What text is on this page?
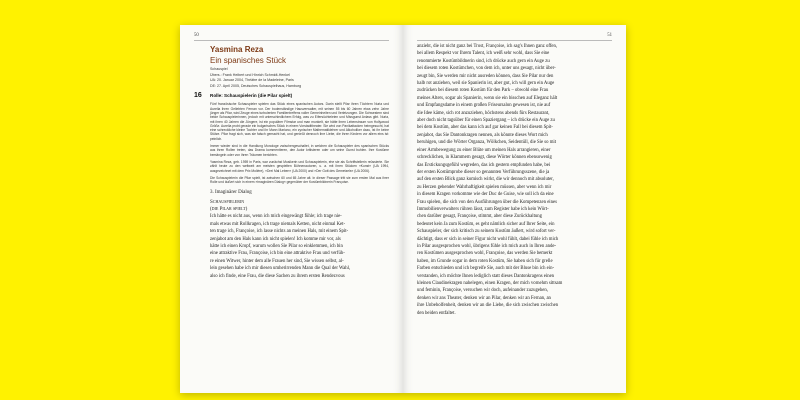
50
Yasmina Reza
Ein spanisches Stück
Schauspiel
Übers.: Frank Heibert und Hinrich Schmidt-Henkel
UA: 20. Januar 2004, Théâtre de la Madeleine, Paris
DE: 27. April 2005, Deutsches Schauspielhaus, Hamburg
16	Rolle: Schauspielerin (die Pilar spielt)

Fünf französische Schauspieler spielen das Stück eines spanischen Autors. Darin stellt Pilar ihren Töchtern Nuria und Aurelia ihren Geliebten Fernan vor. Der bodenständige Hausverwalter, mit seinen 55 bis 60 Jahren etwa zehn Jahre jünger als Pilar, wird Zeuge eines turbulenten Familientreffens voller Gemeinheiten und Verletzungen. Die Schwestern sind beide Schauspielerinnen, jedoch mit unterschiedlichem Erfolg, was zu Eifersüchteleien und Missgunst Anlass gibt. Nuria, mit ihren 40 Jahren die Jüngere, ist ein populärer Filmstar und man munkelt, sie hätte ihren Lebenstraum von Hollywood Größe. Aurelia probt gerade ein bulgarisches Stück in einem Vorstadttheater. Sie wird von Panikattacken heimgesucht, hat eine schreckliche kleine Tochter und ihr Mann Mariano, ein zynischer Mathematiklehrer und Alkoholiker dazu, ist ihr keine Stütze. Pilar fragt sich, was sie falsch gemacht hat, und genießt dennoch ihre Liebe, die ihren Kindern vor allem eins ist: peinlich.

Immer wieder sind in die Handlung Monologe zwischengeschaltet, in welchen die Schauspieler des spanischen Stücks aus ihren Rollen treten, das Drama kommentieren, den Autor kritisieren oder um seine Gunst buhlen. Ihre Kostüme bemängeln oder von ihren Träumen berichten.

Yasmina Reza, geb. 1959 in Paris, war zunächst Musikerin und Schauspielerin, ehe sie als Schriftstellerin reüssierte. Sie zählt heute zu den weltweit am meisten gespielten Bühnenautoren, u. a. mit ihren Stücken »Kunst« (UA 1994, ausgezeichnet mit dem Prix Molière), »Drei Mal Leben« (UA 2000) und »Der Gott des Gemetzels« (UA 2006).

Die Schauspielerin die Pilar spielt, ist zwischen 60 und 65 Jahre alt. In dieser Passage tritt sie zum ersten Mal aus ihrer Rolle und äußert sich in einem »imaginären Dialog« gegenüber der Kostümbildnerin Françoise.

3. Imaginärer Dialog
Schauspielerin
(die Pilar spielt)

Ich hätte es nicht aus, wenn ich mich eingewängt fühle; ich trage nie-

mals etwas mit Rollkragen, ich trage niemals Ketten, nicht einmal Ket-

ten trage ich, Françoise, ich lasse nichts an meinen Hals, mit einem Spit-

zenjabot am den Hals kann ich nicht spielen! Ich komme mir vor, als

hätte ich einen Kropf, warum wollen Sie Pilar so einklemmen, ich bin

eine attraktive Frau, Françoise, ich bin eine attraktive Frau und verfüh-

re einen Witwer, hinter dem alle Frauen her sind, Sie wissen selbst, al-

lein gesehen habe ich mir diesen umherirrenden Mann die Qual der Wahl,

also ich finde, eine Frau, die diese Sachen zu ihrem ersten Rendezvous

51

anzieht, die ist nicht ganz bei Trost, Françoise, ich sag's Ihnen ganz offen,

bei allem Respekt vor Ihrem Talent, ich weiß sehr wohl, dass Sie eine

renommierte Kostümbildnerin sind, ich drücke auch gern ein Auge zu

bei diesem roten Kostümchen, von dem ich, unter uns gesagt, nicht über-

zeugt bin, Sie werden mir nicht ausreden können, dass Sie Pilar nur den

halb rot anziehen, weil sie Spanierin ist, aber gut, ich will gern ein Auge

zudrücken bei diesem roten Kostüm für den Park – obwohl eine Frau

meines Alters, sogar als Spanierin, wenn sie ein bisschen auf Eleganz hält

und Empfangsdame in einem großen Friseursalon gewesen ist, nie auf

die Idee käme, sich rot anzuziehen, höchstens abends fürs Restaurant,

aber doch nicht tagsüber für einen Spaziergang – ich drücke ein Auge zu

bei dem Kostüm, aber das kann ich auf gar keinen Fall bei diesem Spit-

zenjabot, das Sie Dantonkragen nennen, als könnte dieses Wort mich

beruhigen, und die Wörter Organza, Wölkchen, Seidentüll, die Sie so mit

einer Armbewegung zu einer Blüte um meinen Hals arrangieren, einer

schrecklichen, in Klammern gesagt, diese Wörter können ebensowenig

das Erstickungsgefühl wegreden, das ich gestern empfunden habe, bei

der ersten Kostümprobe dieser so genannten Verführungsszene, die ja

auf den ersten Blick ganz komisch wirkt, die wir dennoch mit absoluter,

zu Herzen gehender Wahrhaftigkeit spielen müssen, aber wenn ich mir

in diesem Kragen vorkomme wie der Duc de Guise, wie soll ich da eine

Frau spielen, die sich von den Ausführungen über die Kompetenzen eines

Immobilienverwalters rühren lässt, zum Register habe ich kein Wört-

chen darüber gesagt, Françoise, stimmt, aber diese Zurückhaltung

bedeutet kein Ja zum Kostüm, es geht nämlich sicher auf Ihrer Seite, ein

Schauspieler, der sich kritisch zu seinem Kostüm äußert, wird sofort ver-

dächtigt, dass er sich in seiner Figur nicht wohl fühlt, dabei fühle ich mich

in Pilar ausgesprochen wohl, übrigens fühle ich mich auch in Ihren ande-

ren Kostümen ausgesprochen wohl, Françoise, das werden Sie bemerkt

haben, im Grunde sogar in dem roten Kostüm, Sie haben sich für grelle

Farben entschieden und ich begreife Sie, auch mit der Bluse bin ich ein-

verstanden, ich möchte Ihnen lediglich statt dieses Dantonkragens einen

kleinen Claudinekragen nahelegen, einen Kragen, der mich vornehm sittsam

und feminin, Françoise, versuchen wir doch, aufeinander zuzugehen,

denken wir ans Theater, denken wir an Pilar, denken wir an Fernan, an

ihre Unbeholfenheit, denken wir an die Liebe, die sich zwischen zwischen

den beiden entfaltet.
